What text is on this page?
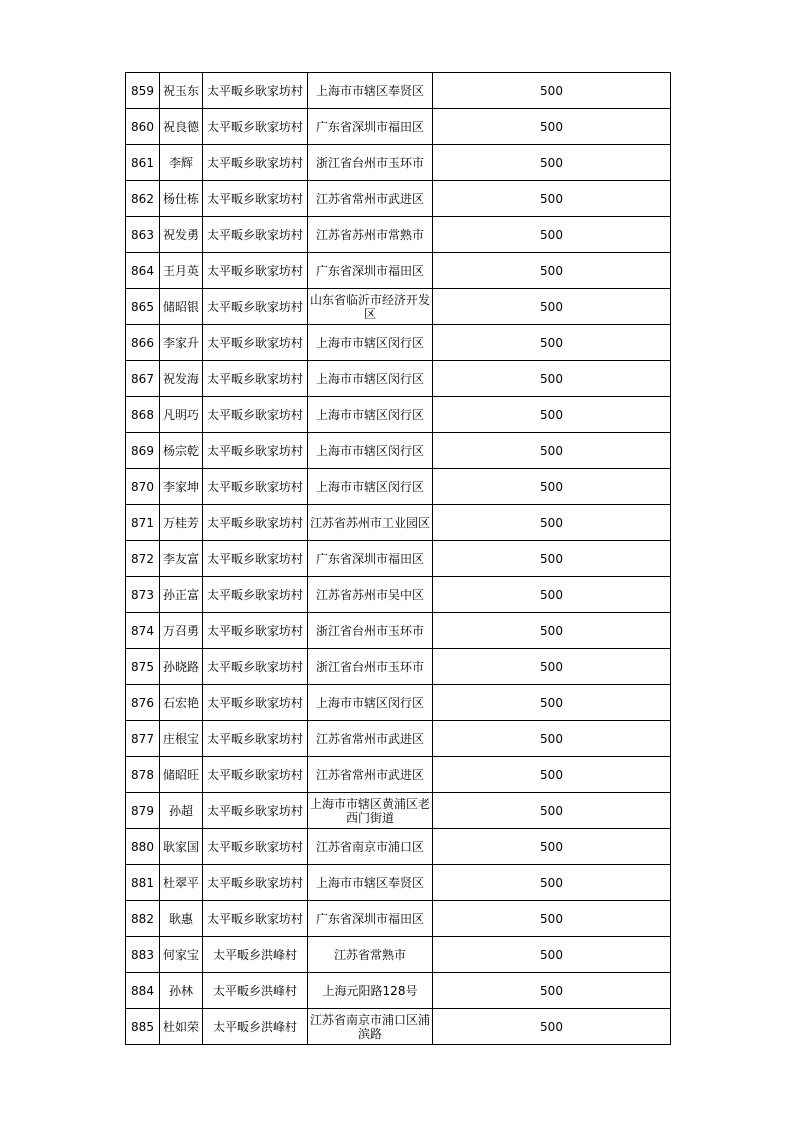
859	祝玉东	太平畈乡耿家坊村	上海市市辖区奉贤区	500
860	祝良德	太平畈乡耿家坊村	广东省深圳市福田区	500
861	李辉	太平畈乡耿家坊村	浙江省台州市玉环市	500
862	杨仕栋	太平畈乡耿家坊村	江苏省常州市武进区	500
863	祝发勇	太平畈乡耿家坊村	江苏省苏州市常熟市	500
864	王月英	太平畈乡耿家坊村	广东省深圳市福田区	500
865	储昭银	太平畈乡耿家坊村	山东省临沂市经济开发区	500
866	李家升	太平畈乡耿家坊村	上海市市辖区闵行区	500
867	祝发海	太平畈乡耿家坊村	上海市市辖区闵行区	500
868	凡明巧	太平畈乡耿家坊村	上海市市辖区闵行区	500
869	杨宗乾	太平畈乡耿家坊村	上海市市辖区闵行区	500
870	李家坤	太平畈乡耿家坊村	上海市市辖区闵行区	500
871	万桂芳	太平畈乡耿家坊村	江苏省苏州市工业园区	500
872	李友富	太平畈乡耿家坊村	广东省深圳市福田区	500
873	孙正富	太平畈乡耿家坊村	江苏省苏州市吴中区	500
874	万召勇	太平畈乡耿家坊村	浙江省台州市玉环市	500
875	孙晓路	太平畈乡耿家坊村	浙江省台州市玉环市	500
876	石宏艳	太平畈乡耿家坊村	上海市市辖区闵行区	500
877	庄根宝	太平畈乡耿家坊村	江苏省常州市武进区	500
878	储昭旺	太平畈乡耿家坊村	江苏省常州市武进区	500
879	孙超	太平畈乡耿家坊村	上海市市辖区黄浦区老西门街道	500
880	耿家国	太平畈乡耿家坊村	江苏省南京市浦口区	500
881	杜翠平	太平畈乡耿家坊村	上海市市辖区奉贤区	500
882	耿惠	太平畈乡耿家坊村	广东省深圳市福田区	500
883	何家宝	太平畈乡洪峰村	江苏省常熟市	500
884	孙林	太平畈乡洪峰村	上海元阳路128号	500
885	杜如荣	太平畈乡洪峰村	江苏省南京市浦口区浦滨路	500
